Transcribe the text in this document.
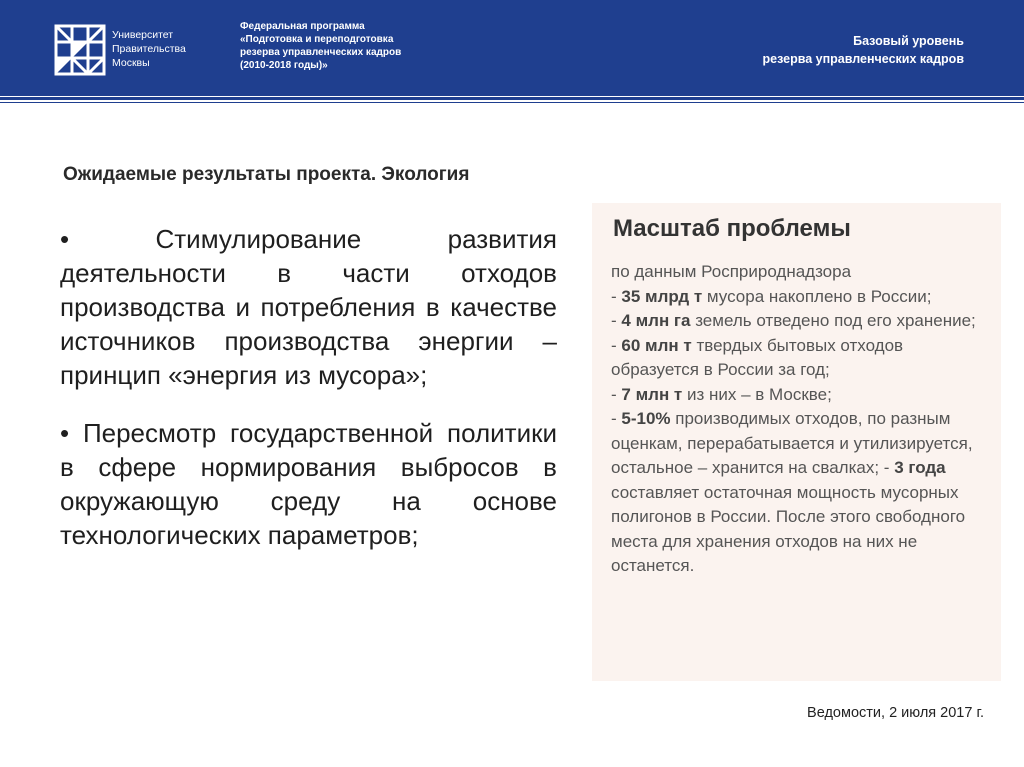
Университет
Правительства
Москвы
Федеральная программа
«Подготовка и переподготовка
резерва управленческих кадров
(2010-2018 годы)»
Базовый уровень
резерва управленческих кадров
Ожидаемые результаты проекта. Экология

• Стимулирование развития деятельности в части отходов производства и потребления в качестве источников производства энергии – принцип «энергия из мусора»;

• Пересмотр государственной политики в сфере нормирования выбросов в окружающую среду на основе технологических параметров;

Масштаб проблемы
по данным Росприроднадзора
- 35 млрд т мусора накоплено в России;
- 4 млн га земель отведено под его хранение;
- 60 млн т твердых бытовых отходов образуется в России за год;
- 7 млн т из них – в Москве;
- 5-10% производимых отходов, по разным оценкам, перерабатывается и утилизируется, остальное – хранится на свалках; - 3 года составляет остаточная мощность мусорных полигонов в России. После этого свободного места для хранения отходов на них не останется.
Ведомости, 2 июля 2017 г.
